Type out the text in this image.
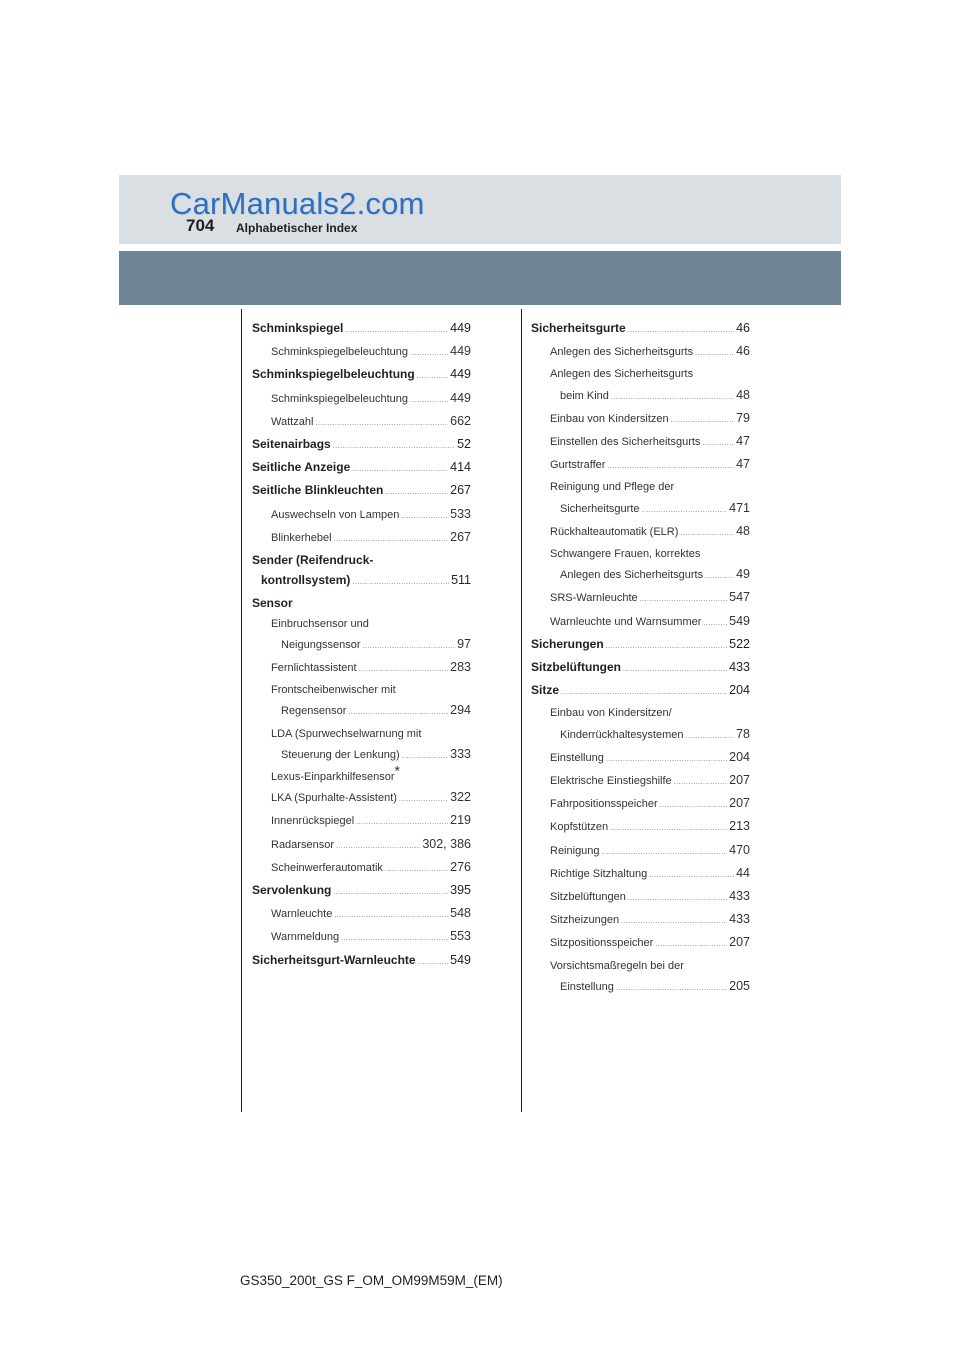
CarManuals2.com
704 Alphabetischer Index
Schminkspiegel .....	449
Schminkspiegelbeleuchtung .....	449
Schminkspiegelbeleuchtung .....	449
Schminkspiegelbeleuchtung .....	449
Wattzahl .....	662
Seitenairbags .....	52
Seitliche Anzeige .....	414
Seitliche Blinkleuchten .....	267
Auswechseln von Lampen .....	533
Blinkerhebel .....	267
Sender (Reifendruck-
kontrollsystem) .....	511
Sensor
Einbruchsensor und
Neigungssensor .....	97
Fernlichtassistent .....	283
Frontscheibenwischer mit
Regensensor .....	294
LDA (Spurwechselwarnung mit
Steuerung der Lenkung) .....	333
Lexus-Einparkhilfesensor*
LKA (Spurhalte-Assistent) .....	322
Innenrückspiegel .....	219
Radarsensor .....	302, 386
Scheinwerferautomatik .....	276
Servolenkung .....	395
Warnleuchte .....	548
Warnmeldung .....	553
Sicherheitsgurt-Warnleuchte .....	549
Sicherheitsgurte .....	46
Anlegen des Sicherheitsgurts .....	46
Anlegen des Sicherheitsgurts
beim Kind .....	48
Einbau von Kindersitzen .....	79
Einstellen des Sicherheitsgurts .....	47
Gurtstraffer .....	47
Reinigung und Pflege der
Sicherheitsgurte .....	471
Rückhalteautomatik (ELR) .....	48
Schwangere Frauen, korrektes
Anlegen des Sicherheitsgurts .....	49
SRS-Warnleuchte .....	547
Warnleuchte und Warnsummer ..... 549
Sicherungen .....	522
Sitzbelüftungen .....	433
Sitze .....	204
Einbau von Kindersitzen/
Kinderrückhaltesystemen .....	78
Einstellung .....	204
Elektrische Einstiegshilfe .....	207
Fahrpositionsspeicher .....	207
Kopfstützen .....	213
Reinigung .....	470
Richtige Sitzhaltung .....	44
Sitzbelüftungen .....	433
Sitzheizungen .....	433
Sitzpositionsspeicher .....	207
Vorsichtsmaßregeln bei der
Einstellung .....	205
GS350_200t_GS F_OM_OM99M59M_(EM)
